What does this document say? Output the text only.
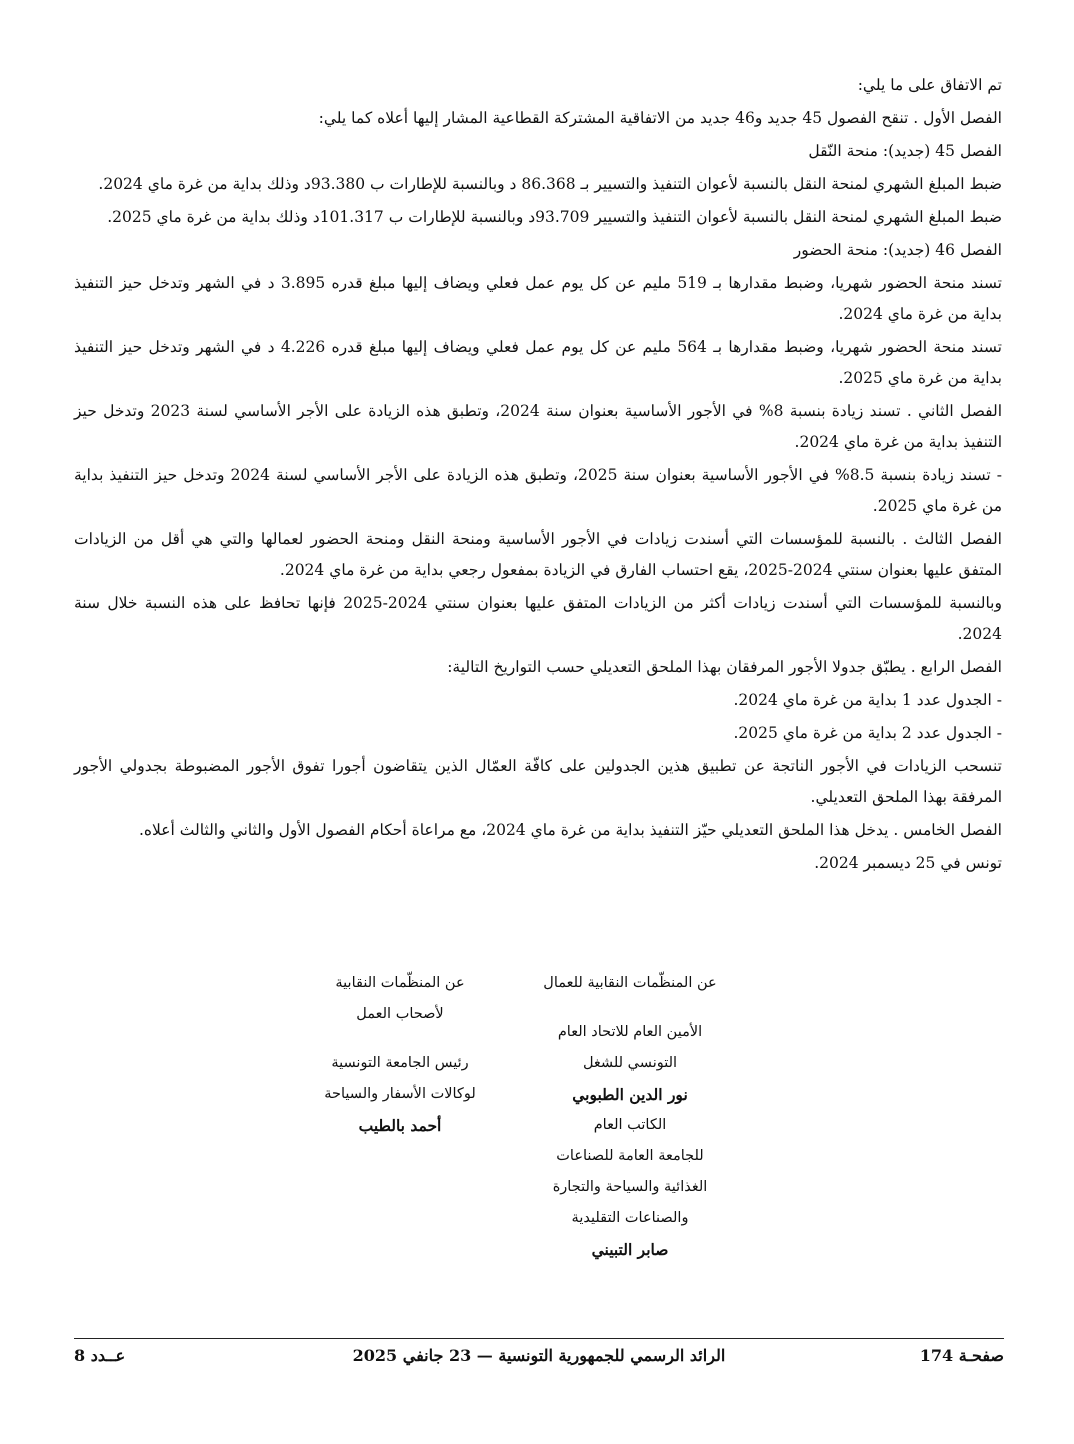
تم الاتفاق على ما يلي:

الفصل الأول . تنقح الفصول 45 جديد و46 جديد من الاتفاقية المشتركة القطاعية المشار إليها أعلاه كما يلي:

الفصل 45 (جديد): منحة النّقل

ضبط المبلغ الشهري لمنحة النقل بالنسبة لأعوان التنفيذ والتسيير بـ 86.368 د وبالنسبة للإطارات ب 93.380د وذلك بداية من غرة ماي 2024.

ضبط المبلغ الشهري لمنحة النقل بالنسبة لأعوان التنفيذ والتسيير 93.709د وبالنسبة للإطارات ب 101.317د وذلك بداية من غرة ماي 2025.

الفصل 46 (جديد): منحة الحضور

تسند منحة الحضور شهريا، وضبط مقدارها بـ 519 مليم عن كل يوم عمل فعلي ويضاف إليها مبلغ قدره 3.895 د في الشهر وتدخل حيز التنفيذ بداية من غرة ماي 2024.

تسند منحة الحضور شهريا، وضبط مقدارها بـ 564 مليم عن كل يوم عمل فعلي ويضاف إليها مبلغ قدره 4.226 د في الشهر وتدخل حيز التنفيذ بداية من غرة ماي 2025.

الفصل الثاني . تسند زيادة بنسبة 8% في الأجور الأساسية بعنوان سنة 2024، وتطبق هذه الزيادة على الأجر الأساسي لسنة 2023 وتدخل حيز التنفيذ بداية من غرة ماي 2024.

- تسند زيادة بنسبة 8.5% في الأجور الأساسية بعنوان سنة 2025، وتطبق هذه الزيادة على الأجر الأساسي لسنة 2024 وتدخل حيز التنفيذ بداية من غرة ماي 2025.

الفصل الثالث . بالنسبة للمؤسسات التي أسندت زيادات في الأجور الأساسية ومنحة النقل ومنحة الحضور لعمالها والتي هي أقل من الزيادات المتفق عليها بعنوان سنتي 2024-2025، يقع احتساب الفارق في الزيادة بمفعول رجعي بداية من غرة ماي 2024.

وبالنسبة للمؤسسات التي أسندت زيادات أكثر من الزيادات المتفق عليها بعنوان سنتي 2024-2025 فإنها تحافظ على هذه النسبة خلال سنة 2024.

الفصل الرابع . يطبّق جدولا الأجور المرفقان بهذا الملحق التعديلي حسب التواريخ التالية:

- الجدول عدد 1 بداية من غرة ماي 2024.

- الجدول عدد 2 بداية من غرة ماي 2025.

تنسحب الزيادات في الأجور الناتجة عن تطبيق هذين الجدولين على كافّة العمّال الذين يتقاضون أجورا تفوق الأجور المضبوطة بجدولي الأجور المرفقة بهذا الملحق التعديلي.

الفصل الخامس . يدخل هذا الملحق التعديلي حيّز التنفيذ بداية من غرة ماي 2024، مع مراعاة أحكام الفصول الأول والثاني والثالث أعلاه.

تونس في 25 ديسمبر 2024.

عن المنظّمات النقابية للعمال
الأمين العام للاتحاد العام
التونسي للشغل
نور الدين الطبوبي
الكاتب العام
للجامعة العامة للصناعات
الغذائية والسياحة والتجارة
والصناعات التقليدية
صابر التبيني
عن المنظّمات النقابية
لأصحاب العمل
رئيس الجامعة التونسية
لوكالات الأسفار والسياحة
أحمد بالطيب
صفحـة 174
الرائد الرسمي للجمهورية التونسية — 23 جانفي 2025
عــدد 8
